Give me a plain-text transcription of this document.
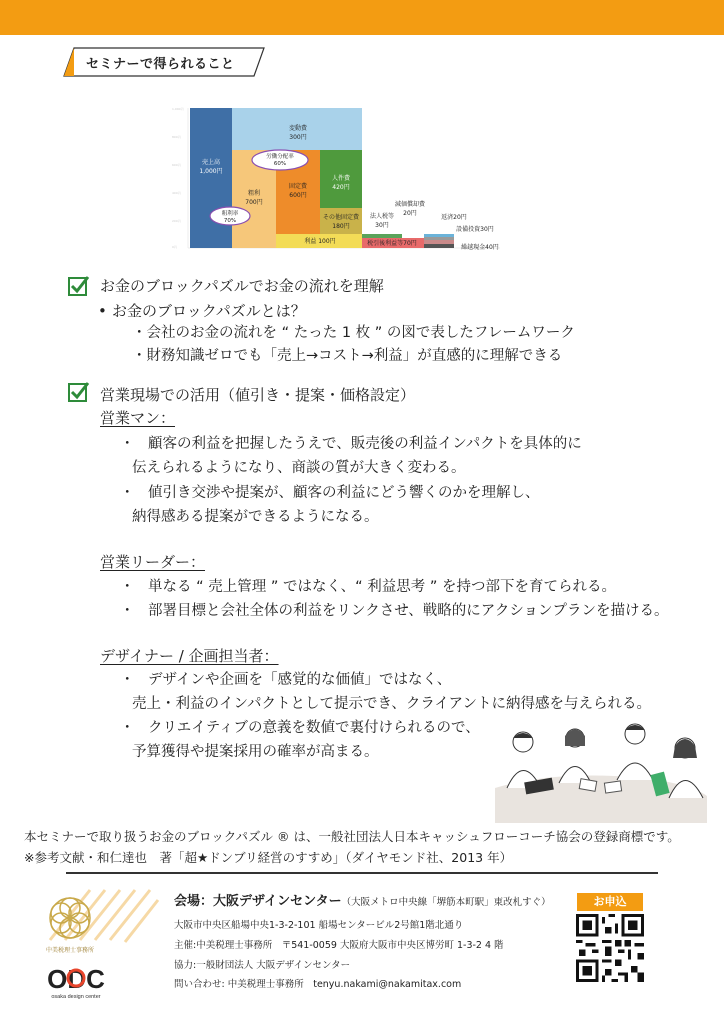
セミナーで得られること
1,000円
800円
600円
400円
200円
0円
売上高
1,000円
変動費
300円
粗利
700円
固定費
600円
人件費
420円
その他固定費
180円
利益 100円
法人税等
30円
減価償却費
20円
税引後利益等70円
返済20円
設備投資30円
繰越現金40円
労働分配率
60%
粗利率
70%
お金のブロックパズルでお金の流れを理解
• お金のブロックパズルとは？
・会社のお金の流れを “ たった 1 枚 ” の図で表したフレームワーク
・財務知識ゼロでも「売上→コスト→利益」が直感的に理解できる
営業現場での活用（値引き・提案・価格設定）
営業マン：
・ 顧客の利益を把握したうえで、販売後の利益インパクトを具体的に
伝えられるようになり、商談の質が大きく変わる。
・ 値引き交渉や提案が、顧客の利益にどう響くのかを理解し、
納得感ある提案ができるようになる。
営業リーダー：
・ 単なる “ 売上管理 ” ではなく、“ 利益思考 ” を持つ部下を育てられる。
・ 部署目標と会社全体の利益をリンクさせ、戦略的にアクションプランを描ける。
デザイナー / 企画担当者：
・ デザインや企画を「感覚的な価値」ではなく、
売上・利益のインパクトとして提示でき、クライアントに納得感を与えられる。
・ クリエイティブの意義を数値で裏付けられるので、
予算獲得や提案採用の確率が高まる。
本セミナーで取り扱うお金のブロックパズル ® は、一般社団法人日本キャッシュフローコーチ協会の登録商標です。
※参考文献・和仁達也　著「超★ドンブリ経営のすすめ」（ダイヤモンド社、2013 年）
中美税理士事務所
ODC
osaka design center
会場：大阪デザインセンター（大阪メトロ中央線「堺筋本町駅」東改札すぐ）
大阪市中央区船場中央1-3-2-101 船場センタービル2号館1階北通り
主催:中美税理士事務所　〒541-0059 大阪府大阪市中央区博労町 1-3-2 4 階
協力:一般財団法人 大阪デザインセンター
問い合わせ: 中美税理士事務所　tenyu.nakami@nakamitax.com
お申込
